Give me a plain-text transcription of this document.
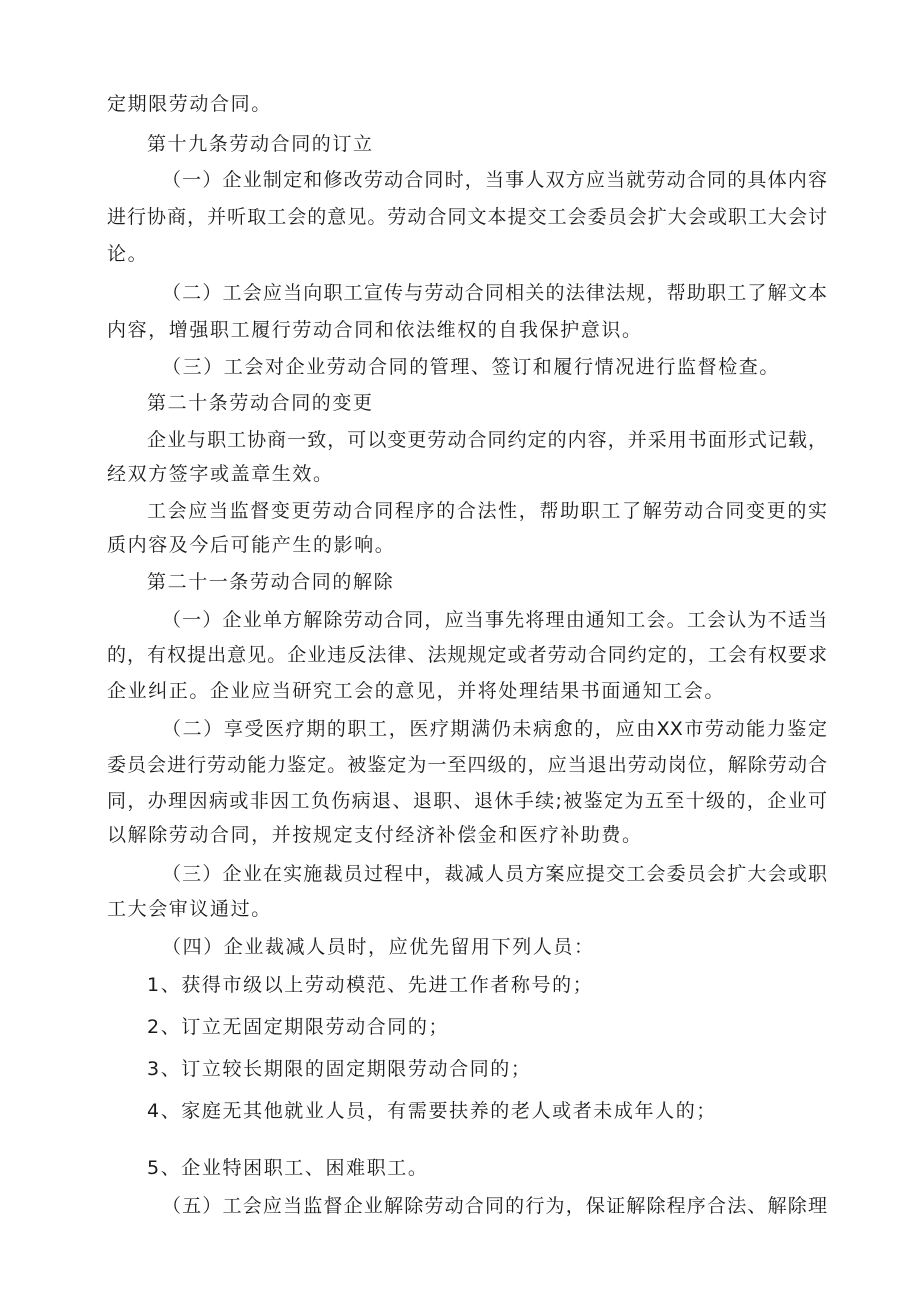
定期限劳动合同。
第十九条劳动合同的订立
（一）企业制定和修改劳动合同时，当事人双方应当就劳动合同的具体内容
进行协商，并听取工会的意见。劳动合同文本提交工会委员会扩大会或职工大会讨
论。
（二）工会应当向职工宣传与劳动合同相关的法律法规，帮助职工了解文本
内容，增强职工履行劳动合同和依法维权的自我保护意识。
（三）工会对企业劳动合同的管理、签订和履行情况进行监督检查。
第二十条劳动合同的变更
企业与职工协商一致，可以变更劳动合同约定的内容，并采用书面形式记载，
经双方签字或盖章生效。
工会应当监督变更劳动合同程序的合法性，帮助职工了解劳动合同变更的实
质内容及今后可能产生的影响。
第二十一条劳动合同的解除
（一）企业单方解除劳动合同，应当事先将理由通知工会。工会认为不适当
的，有权提出意见。企业违反法律、法规规定或者劳动合同约定的，工会有权要求
企业纠正。企业应当研究工会的意见，并将处理结果书面通知工会。
（二）享受医疗期的职工，医疗期满仍未病愈的，应由XX市劳动能力鉴定
委员会进行劳动能力鉴定。被鉴定为一至四级的，应当退出劳动岗位，解除劳动合
同，办理因病或非因工负伤病退、退职、退休手续;被鉴定为五至十级的，企业可
以解除劳动合同，并按规定支付经济补偿金和医疗补助费。
（三）企业在实施裁员过程中，裁减人员方案应提交工会委员会扩大会或职
工大会审议通过。
（四）企业裁减人员时，应优先留用下列人员：
1、获得市级以上劳动模范、先进工作者称号的；
2、订立无固定期限劳动合同的；
3、订立较长期限的固定期限劳动合同的；
4、家庭无其他就业人员，有需要扶养的老人或者未成年人的；
5、企业特困职工、困难职工。
（五）工会应当监督企业解除劳动合同的行为，保证解除程序合法、解除理
